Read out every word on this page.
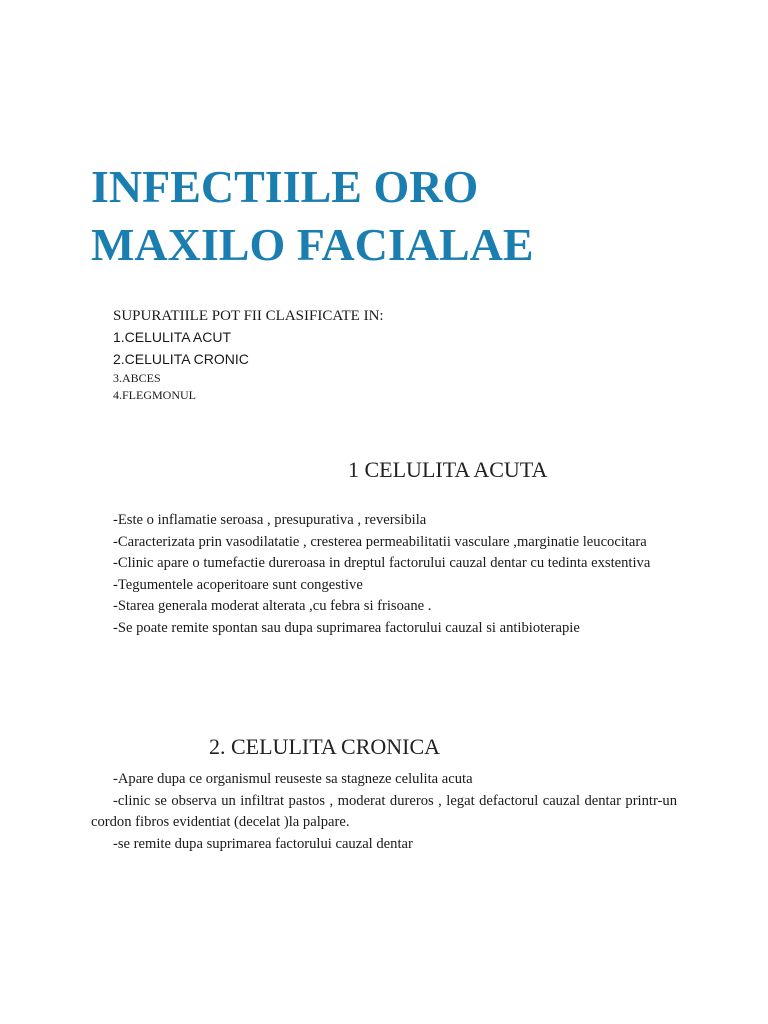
INFECTIILE ORO
MAXILO FACIALAE
SUPURATIILE POT FII CLASIFICATE IN:
1.CELULITA ACUT
2.CELULITA CRONIC
3.ABCES
4.FLEGMONUL
1 CELULITA ACUTA

-Este o inflamatie seroasa , presupurativa , reversibila

-Caracterizata prin vasodilatatie , cresterea permeabilitatii vasculare ,marginatie leucocitara

-Clinic apare o tumefactie dureroasa in dreptul factorului cauzal dentar cu tedinta exstentiva

-Tegumentele acoperitoare sunt congestive

-Starea generala moderat alterata ,cu febra si frisoane .

-Se poate remite spontan sau dupa suprimarea factorului cauzal si antibioterapie

2. CELULITA CRONICA

-Apare dupa ce organismul reuseste sa stagneze celulita acuta

-clinic se observa un infiltrat pastos , moderat dureros , legat defactorul cauzal dentar printr-un cordon fibros evidentiat (decelat )la palpare.

-se remite dupa suprimarea factorului cauzal dentar
